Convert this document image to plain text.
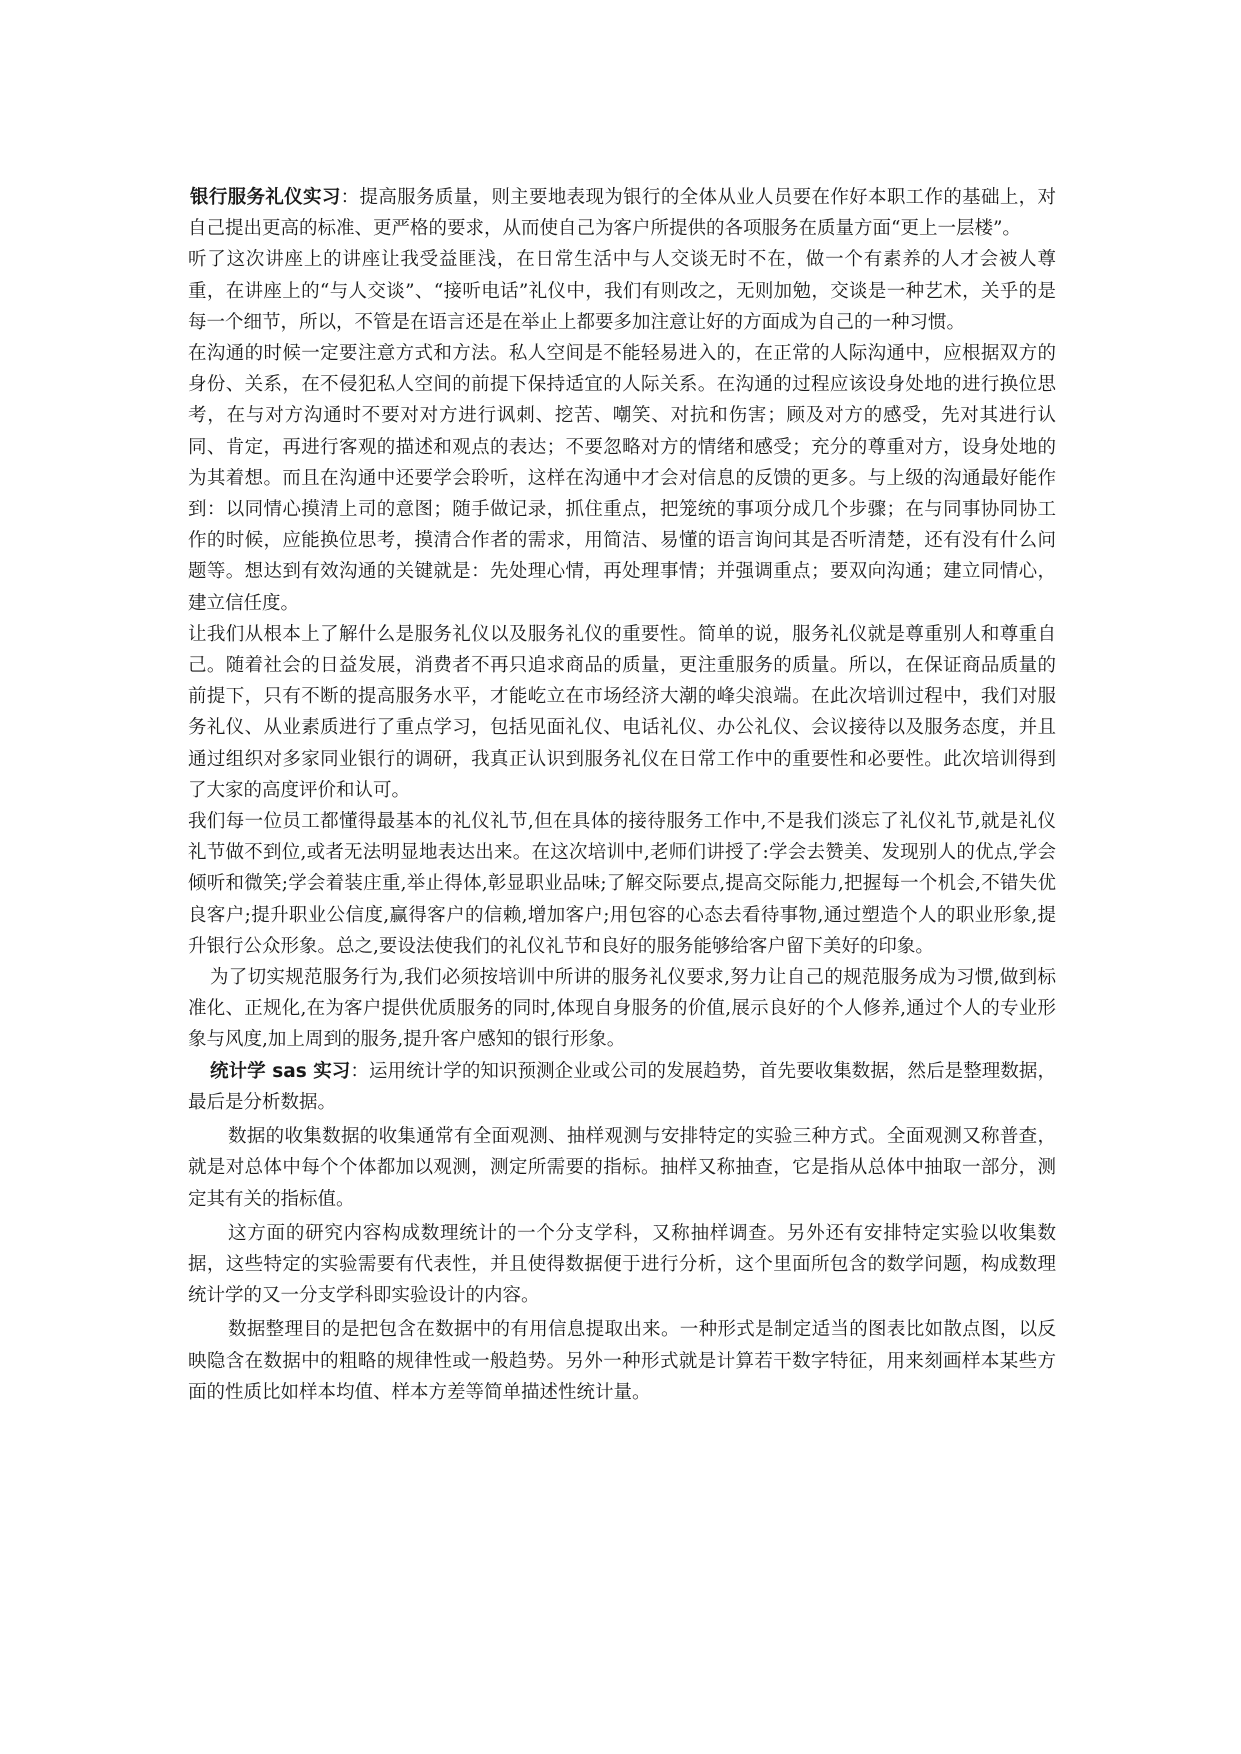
银行服务礼仪实习：提高服务质量，则主要地表现为银行的全体从业人员要在作好本职工作的基础上，对自己提出更高的标准、更严格的要求，从而使自己为客户所提供的各项服务在质量方面“更上一层楼”。

听了这次讲座上的讲座让我受益匪浅，在日常生活中与人交谈无时不在，做一个有素养的人才会被人尊重，在讲座上的“与人交谈”、“接听电话”礼仪中，我们有则改之，无则加勉，交谈是一种艺术，关乎的是每一个细节，所以，不管是在语言还是在举止上都要多加注意让好的方面成为自己的一种习惯。

在沟通的时候一定要注意方式和方法。私人空间是不能轻易进入的，在正常的人际沟通中，应根据双方的身份、关系，在不侵犯私人空间的前提下保持适宜的人际关系。在沟通的过程应该设身处地的进行换位思考，在与对方沟通时不要对对方进行讽刺、挖苦、嘲笑、对抗和伤害；顾及对方的感受，先对其进行认同、肯定，再进行客观的描述和观点的表达；不要忽略对方的情绪和感受；充分的尊重对方，设身处地的为其着想。而且在沟通中还要学会聆听，这样在沟通中才会对信息的反馈的更多。与上级的沟通最好能作到：以同情心摸清上司的意图；随手做记录，抓住重点，把笼统的事项分成几个步骤；在与同事协同协工作的时候，应能换位思考，摸清合作者的需求，用简洁、易懂的语言询问其是否听清楚，还有没有什么问题等。想达到有效沟通的关键就是：先处理心情，再处理事情；并强调重点；要双向沟通；建立同情心，建立信任度。

让我们从根本上了解什么是服务礼仪以及服务礼仪的重要性。简单的说，服务礼仪就是尊重别人和尊重自己。随着社会的日益发展，消费者不再只追求商品的质量，更注重服务的质量。所以，在保证商品质量的前提下，只有不断的提高服务水平，才能屹立在市场经济大潮的峰尖浪端。在此次培训过程中，我们对服务礼仪、从业素质进行了重点学习，包括见面礼仪、电话礼仪、办公礼仪、会议接待以及服务态度，并且通过组织对多家同业银行的调研，我真正认识到服务礼仪在日常工作中的重要性和必要性。此次培训得到了大家的高度评价和认可。

我们每一位员工都懂得最基本的礼仪礼节,但在具体的接待服务工作中,不是我们淡忘了礼仪礼节,就是礼仪礼节做不到位,或者无法明显地表达出来。在这次培训中,老师们讲授了:学会去赞美、发现别人的优点,学会倾听和微笑;学会着装庄重,举止得体,彰显职业品味;了解交际要点,提高交际能力,把握每一个机会,不错失优良客户;提升职业公信度,赢得客户的信赖,增加客户;用包容的心态去看待事物,通过塑造个人的职业形象,提升银行公众形象。总之,要设法使我们的礼仪礼节和良好的服务能够给客户留下美好的印象。

为了切实规范服务行为,我们必须按培训中所讲的服务礼仪要求,努力让自己的规范服务成为习惯,做到标准化、正规化,在为客户提供优质服务的同时,体现自身服务的价值,展示良好的个人修养,通过个人的专业形象与风度,加上周到的服务,提升客户感知的银行形象。

统计学 sas 实习：运用统计学的知识预测企业或公司的发展趋势，首先要收集数据，然后是整理数据，最后是分析数据。

数据的收集数据的收集通常有全面观测、抽样观测与安排特定的实验三种方式。全面观测又称普查，就是对总体中每个个体都加以观测，测定所需要的指标。抽样又称抽查，它是指从总体中抽取一部分，测定其有关的指标值。

这方面的研究内容构成数理统计的一个分支学科，又称抽样调查。另外还有安排特定实验以收集数据，这些特定的实验需要有代表性，并且使得数据便于进行分析，这个里面所包含的数学问题，构成数理统计学的又一分支学科即实验设计的内容。

数据整理目的是把包含在数据中的有用信息提取出来。一种形式是制定适当的图表比如散点图，以反映隐含在数据中的粗略的规律性或一般趋势。另外一种形式就是计算若干数字特征，用来刻画样本某些方面的性质比如样本均值、样本方差等简单描述性统计量。
